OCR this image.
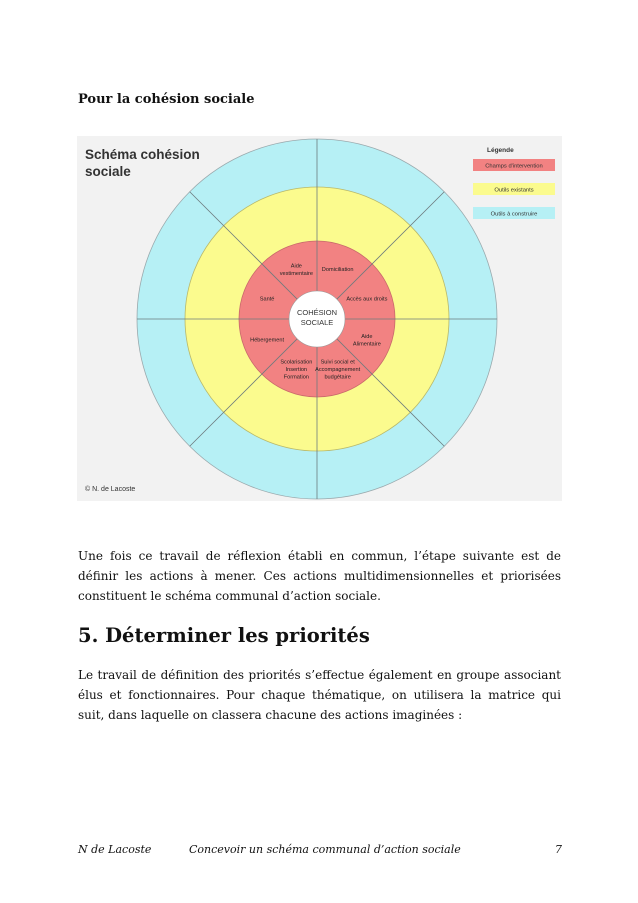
Pour la cohésion sociale
COHÉSION
SOCIALE
Domiciliation
Accès aux droits
Aide
Alimentaire
Suivi social et
Accompagnement
budgétaire
Scolarisation
Insertion
Formation
Hébergement
Santé
Aide
vestimentaire
Schéma cohésion
sociale
Légende
Champs d'intervention
Outils existants
Outils à construire
© N. de Lacoste

Une fois ce travail de réflexion établi en commun, l’étape suivante est de définir les actions à mener. Ces actions multidimensionnelles et priorisées constituent le schéma communal d’action sociale.

5. Déterminer les priorités

Le travail de définition des priorités s’effectue également en groupe associant élus et fonctionnaires. Pour chaque thématique, on utilisera la matrice qui suit, dans laquelle on classera chacune des actions imaginées :

N de Lacoste	Concevoir un schéma communal d’action sociale	7
